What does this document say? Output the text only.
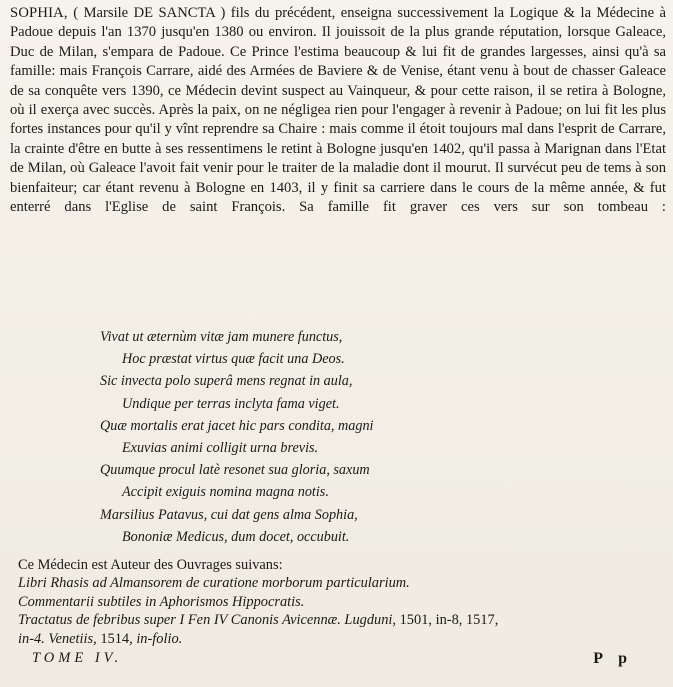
SOPHIA, ( Marsile DE SANCTA ) fils du précédent, enseigna successivement la Logique & la Médecine à Padoue depuis l'an 1370 jusqu'en 1380 ou environ. Il jouissoit de la plus grande réputation, lorsque Galeace, Duc de Milan, s'empara de Padoue. Ce Prince l'estima beaucoup & lui fit de grandes largesses, ainsi qu'à sa famille: mais François Carrare, aidé des Armées de Baviere & de Venise, étant venu à bout de chasser Galeace de sa conquête vers 1390, ce Médecin devint suspect au Vainqueur, & pour cette raison, il se retira à Bologne, où il exerça avec succès. Après la paix, on ne négligea rien pour l'engager à revenir à Padoue; on lui fit les plus fortes instances pour qu'il y vînt reprendre sa Chaire : mais comme il étoit toujours mal dans l'esprit de Carrare, la crainte d'être en butte à ses ressentimens le retint à Bologne jusqu'en 1402, qu'il passa à Marignan dans l'Etat de Milan, où Galeace l'avoit fait venir pour le traiter de la maladie dont il mourut. Il survécut peu de tems à son bienfaiteur; car étant revenu à Bologne en 1403, il y finit sa carriere dans le cours de la même année, & fut enterré dans l'Eglise de saint François. Sa famille fit graver ces vers sur son tombeau :

Vivat ut æternùm vitæ jam munere functus,
Hoc præstat virtus quæ facit una Deos.
Sic invecta polo superâ mens regnat in aula,
Undique per terras inclyta fama viget.
Quæ mortalis erat jacet hic pars condita, magni
Exuvias animi colligit urna brevis.
Quumque procul latè resonet sua gloria, saxum
Accipit exiguis nomina magna notis.
Marsilius Patavus, cui dat gens alma Sophia,
Bononiæ Medicus, dum docet, occubuit.
Ce Médecin est Auteur des Ouvrages suivans:
Libri Rhasis ad Almansorem de curatione morborum particularium.
Commentarii subtiles in Aphorismos Hippocratis.
Tractatus de febribus super I Fen IV Canonis Avicennæ. Lugduni, 1501, in-8, 1517,
in-4. Venetiis, 1514, in-folio.
TOME IV.	P p
